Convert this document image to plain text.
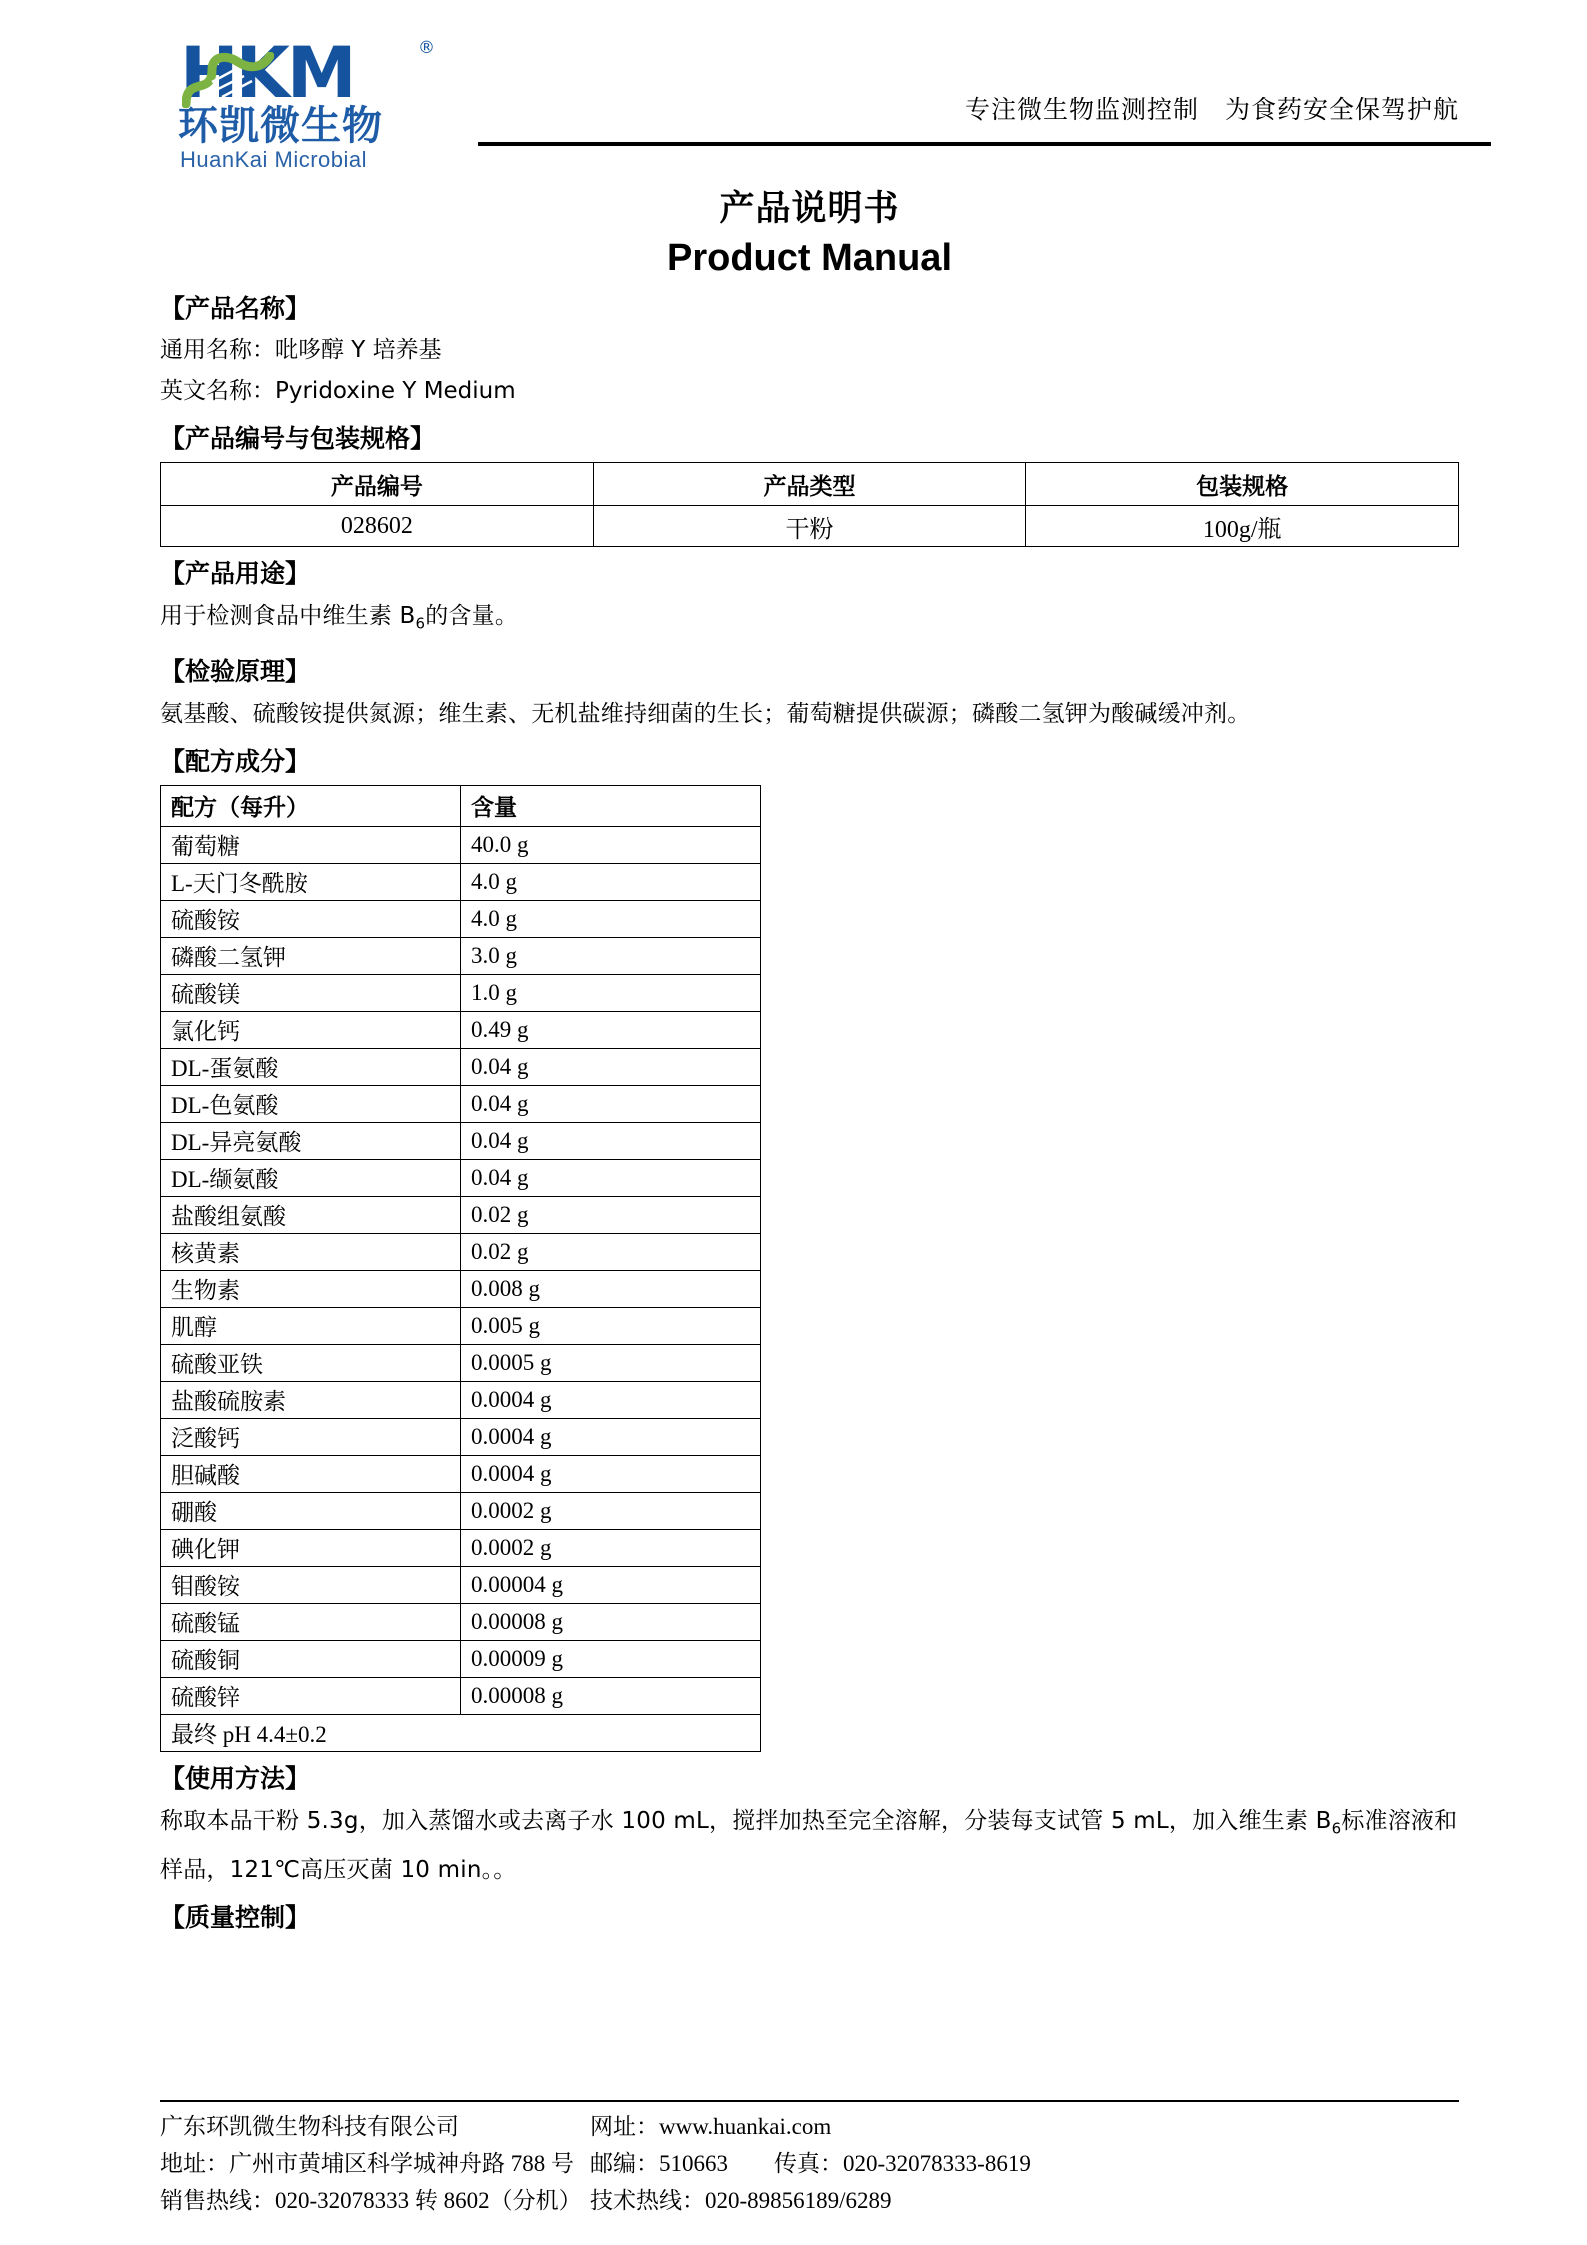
HKM	®
环凯微生物
HuanKai Microbial
专注微生物监测控制　为食药安全保驾护航
产品说明书
Product Manual
【产品名称】
通用名称：吡哆醇 Y 培养基
英文名称：Pyridoxine Y Medium
【产品编号与包装规格】
产品编号	产品类型	包装规格
028602	干粉	100g/瓶
【产品用途】

用于检测食品中维生素 $B_6$的含量。

【检验原理】

氨基酸、硫酸铵提供氮源；维生素、无机盐维持细菌的生长；葡萄糖提供碳源；磷酸二氢钾为酸碱缓冲剂。

【配方成分】
配方（每升）	含量
葡萄糖	40.0 g
L-天门冬酰胺	4.0 g
硫酸铵	4.0 g
磷酸二氢钾	3.0 g
硫酸镁	1.0 g
氯化钙	0.49 g
DL-蛋氨酸	0.04 g
DL-色氨酸	0.04 g
DL-异亮氨酸	0.04 g
DL-缬氨酸	0.04 g
盐酸组氨酸	0.02 g
核黄素	0.02 g
生物素	0.008 g
肌醇	0.005 g
硫酸亚铁	0.0005 g
盐酸硫胺素	0.0004 g
泛酸钙	0.0004 g
胆碱酸	0.0004 g
硼酸	0.0002 g
碘化钾	0.0002 g
钼酸铵	0.00004 g
硫酸锰	0.00008 g
硫酸铜	0.00009 g
硫酸锌	0.00008 g
最终 pH 4.4±0.2	
【使用方法】

称取本品干粉 5.3g，加入蒸馏水或去离子水 100 mL，搅拌加热至完全溶解，分装每支试管 5 mL，加入维生素 $B_6$标准溶液和样品，121℃高压灭菌 10 min。。

【质量控制】
广东环凯微生物科技有限公司
地址：广州市黄埔区科学城神舟路 788 号
销售热线：020-32078333 转 8602（分机）
网址：www.huankai.com
邮编：510663　　传真：020-32078333-8619
技术热线：020-89856189/6289
